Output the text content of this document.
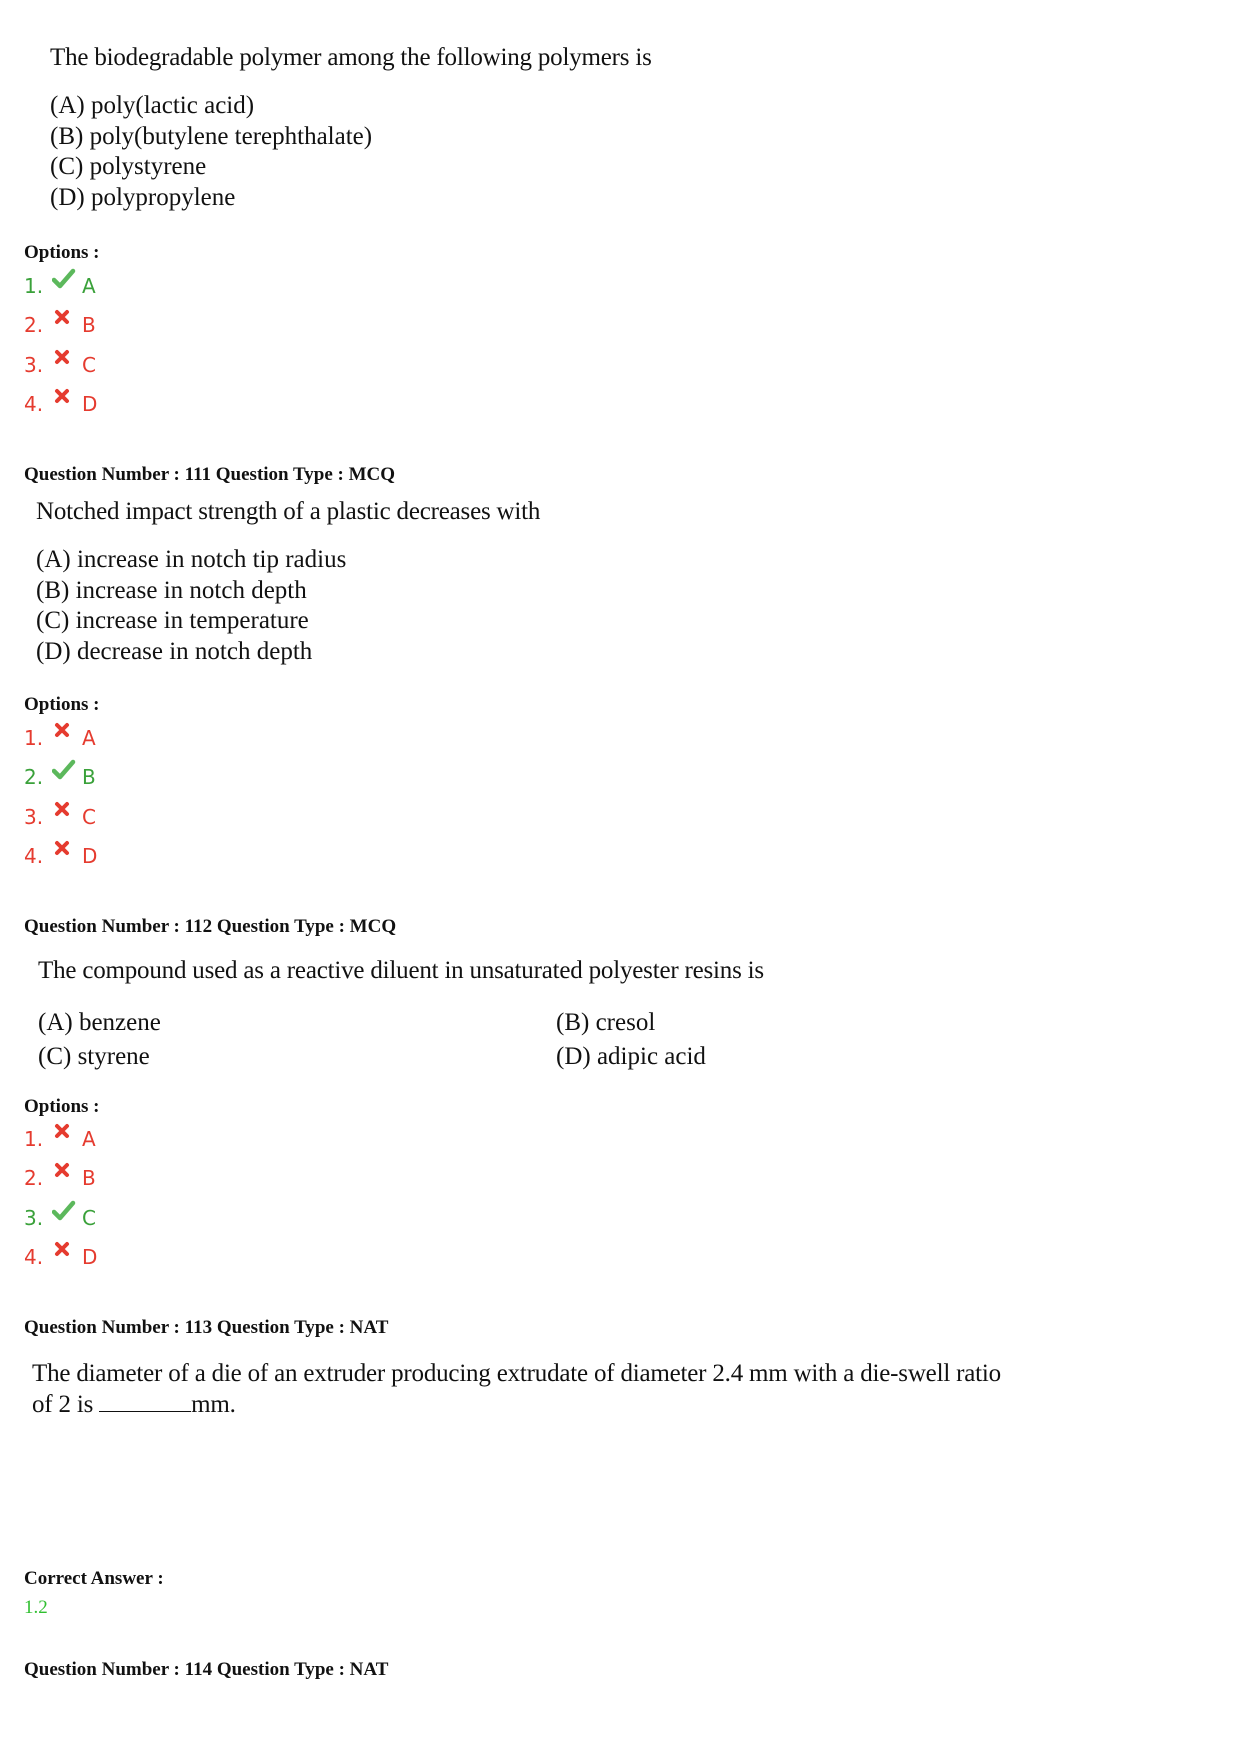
The biodegradable polymer among the following polymers is
(A) poly(lactic acid)
(B) poly(butylene terephthalate)
(C) polystyrene
(D) polypropylene
Options :
1. A
2. B
3. C
4. D
Question Number : 111 Question Type : MCQ
Notched impact strength of a plastic decreases with
(A) increase in notch tip radius
(B) increase in notch depth
(C) increase in temperature
(D) decrease in notch depth
Options :
1. A
2. B
3. C
4. D
Question Number : 112 Question Type : MCQ
The compound used as a reactive diluent in unsaturated polyester resins is
(A) benzene	(B) cresol
(C) styrene	(D) adipic acid
Options :
1. A
2. B
3. C
4. D
Question Number : 113 Question Type : NAT
The diameter of a die of an extruder producing extrudate of diameter 2.4 mm with a die-swell ratio
of 2 is	mm.
Correct Answer :
1.2
Question Number : 114 Question Type : NAT
